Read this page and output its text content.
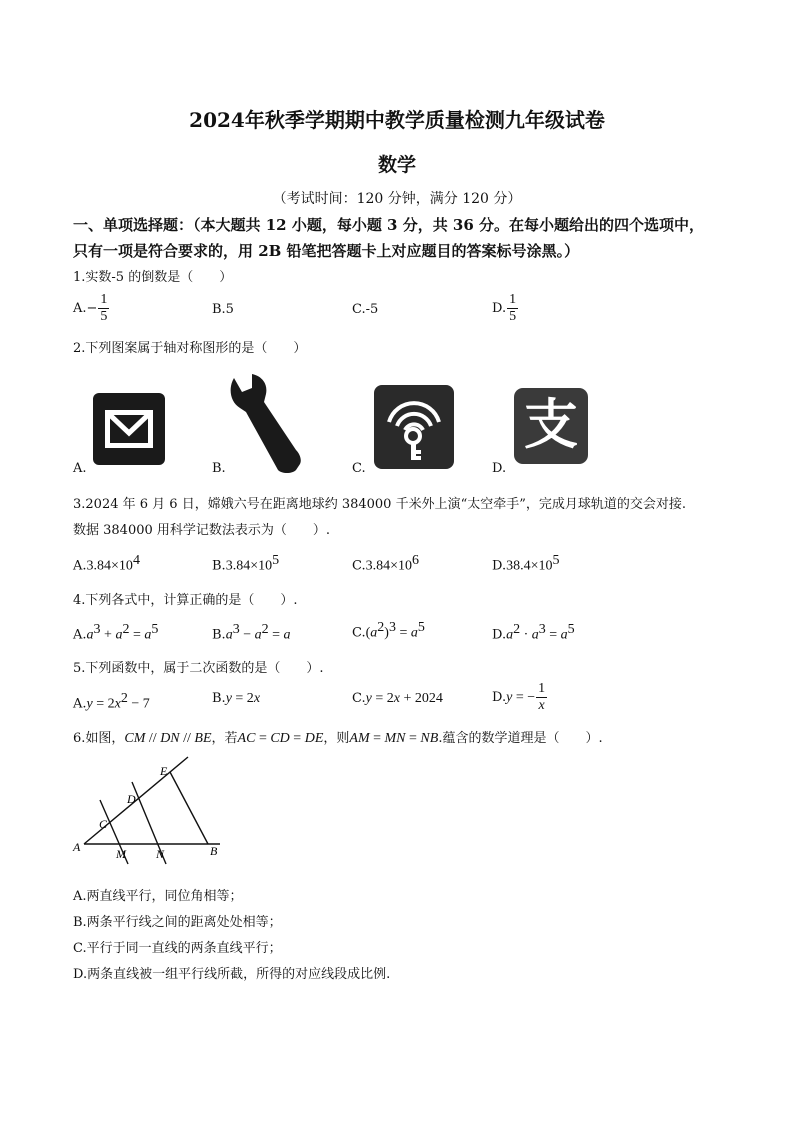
2024年秋季学期期中教学质量检测九年级试卷
数学
（考试时间：120 分钟，满分 120 分）
一、单项选择题：（本大题共 12 小题，每小题 3 分，共 36 分。在每小题给出的四个选项中，
只有一项是符合要求的，用 2B 铅笔把答题卡上对应题目的答案标号涂黑。）
1.实数-5 的倒数是（　　）
$A.- \frac{1}{5}$	B.5	C.-5	D. $\frac{1}{5}$
2.下列图案属于轴对称图形的是（　　）
A.	B.	C.
支
D.
3.2024 年 6 月 6 日，嫦娥六号在距离地球约 384000 千米外上演“太空牵手”，完成月球轨道的交会对接.
数据 384000 用科学记数法表示为（　　）.
$A.3.84\times 10^4$	$B.3.84\times 10^5$	$C.3.84\times 10^6$	$D.38.4\times 10^5$
4.下列各式中，计算正确的是（　　）.
$A.a^3 + a^2 = a^5$	$B.a^3 - a^2 = a$	$C.(a^2)^3 = a^5$	$D.a^2 \cdot a^3 = a^5$
5.下列函数中，属于二次函数的是（　　）.
$A.y = 2x^2 - 7$	B.y = 2x	C.y = 2x + 2024	D.y = − $\frac{1}{x}$
6.如图，CM // DN // BE，若AC = CD = DE，则AM = MN = NB.蕴含的数学道理是（　　）.
E
D
C
A	M	N	B
A.两直线平行，同位角相等；
B.两条平行线之间的距离处处相等；
C.平行于同一直线的两条直线平行；
D.两条直线被一组平行线所截，所得的对应线段成比例.
